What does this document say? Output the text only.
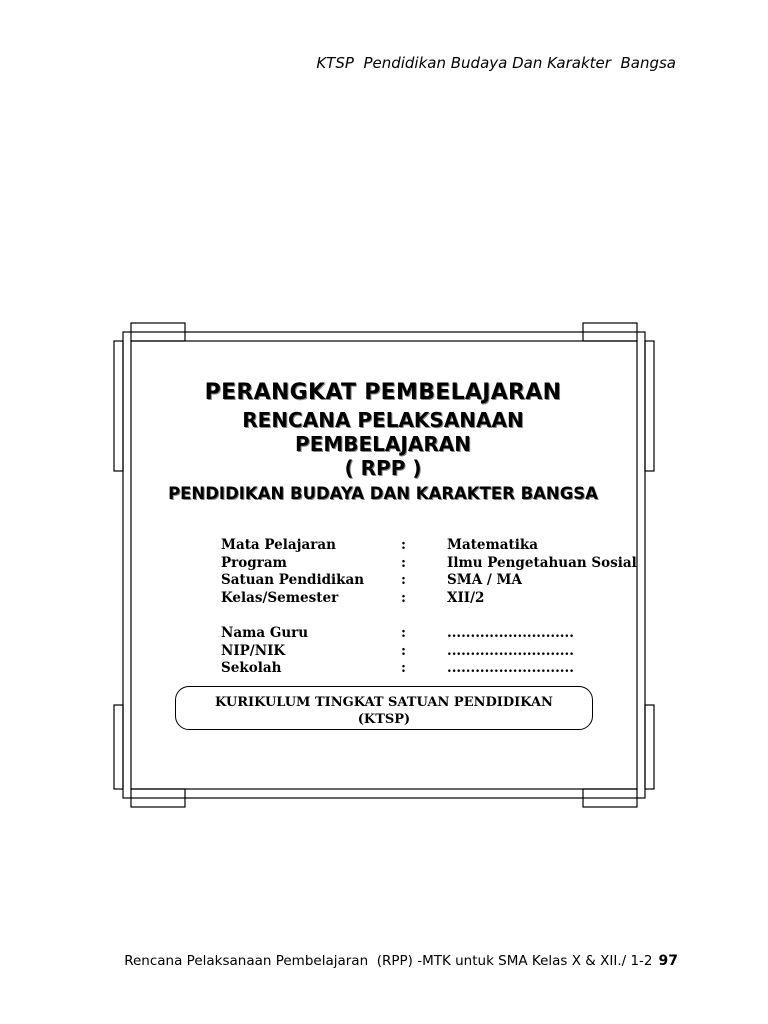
KTSP  Pendidikan Budaya Dan Karakter  Bangsa
PERANGKAT PEMBELAJARAN
RENCANA PELAKSANAAN
PEMBELAJARAN
( RPP )
PENDIDIKAN BUDAYA DAN KARAKTER BANGSA
Mata Pelajaran	:	Matematika
Program	:	Ilmu Pengetahuan Sosial
Satuan Pendidikan	:	SMA / MA
Kelas/Semester	:	XII/2
Nama Guru	:	...........................
NIP/NIK	:	...........................
Sekolah	:	...........................
KURIKULUM TINGKAT SATUAN PENDIDIKAN
(KTSP)
Rencana Pelaksanaan Pembelajaran  (RPP) -MTK untuk SMA Kelas X & XII./ 1-2 97
